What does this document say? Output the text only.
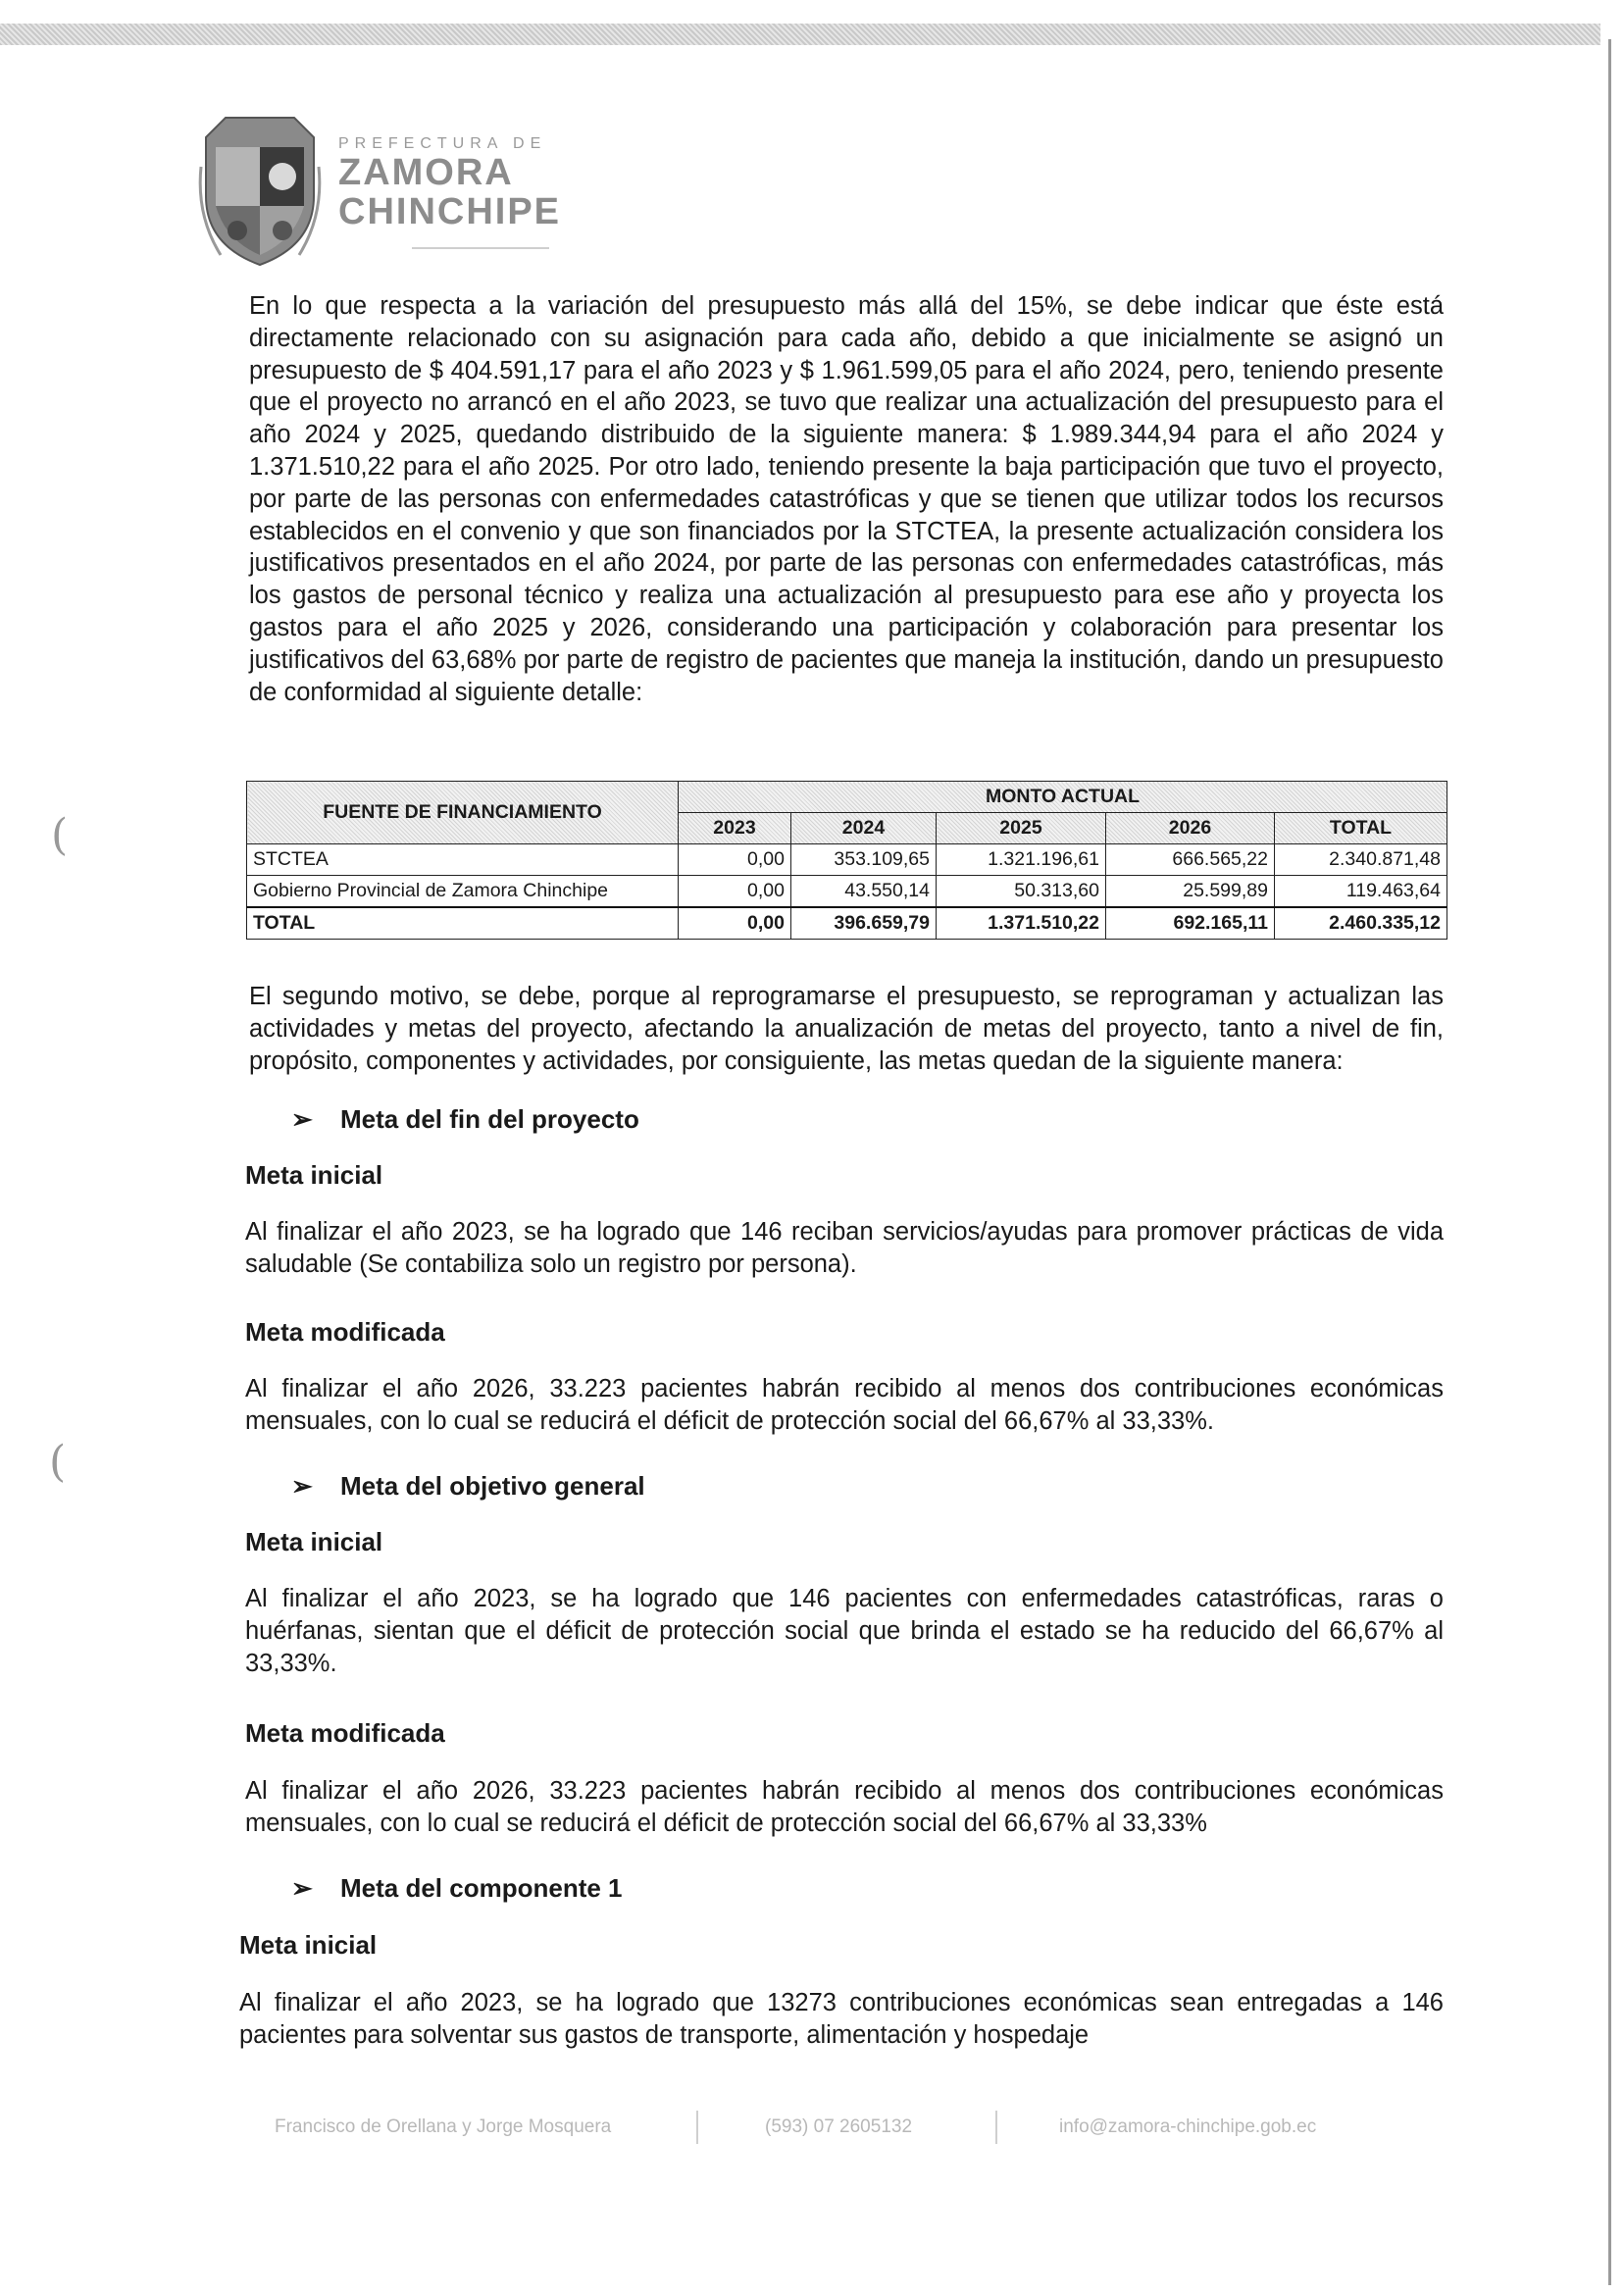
PREFECTURA DE
ZAMORA
CHINCHIPE

En lo que respecta a la variación del presupuesto más allá del 15%, se debe indicar que éste está directamente relacionado con su asignación para cada año, debido a que inicialmente se asignó un presupuesto de $ 404.591,17 para el año 2023 y $ 1.961.599,05 para el año 2024, pero, teniendo presente que el proyecto no arrancó en el año 2023, se tuvo que realizar una actualización del presupuesto para el año 2024 y 2025, quedando distribuido de la siguiente manera: $ 1.989.344,94 para el año 2024 y 1.371.510,22 para el año 2025. Por otro lado, teniendo presente la baja participación que tuvo el proyecto, por parte de las personas con enfermedades catastróficas y que se tienen que utilizar todos los recursos establecidos en el convenio y que son financiados por la STCTEA, la presente actualización considera los justificativos presentados en el año 2024, por parte de las personas con enfermedades catastróficas, más los gastos de personal técnico y realiza una actualización al presupuesto para ese año y proyecta los gastos para el año 2025 y 2026, considerando una participación y colaboración para presentar los justificativos del 63,68% por parte de registro de pacientes que maneja la institución, dando un presupuesto de conformidad al siguiente detalle:

FUENTE DE FINANCIAMIENTO	MONTO ACTUAL				
	2023	2024	2025	2026	TOTAL
STCTEA	0,00	353.109,65	1.321.196,61	666.565,22	2.340.871,48
Gobierno Provincial de Zamora Chinchipe	0,00	43.550,14	50.313,60	25.599,89	119.463,64
TOTAL	0,00	396.659,79	1.371.510,22	692.165,11	2.460.335,12

El segundo motivo, se debe, porque al reprogramarse el presupuesto, se reprograman y actualizan las actividades y metas del proyecto, afectando la anualización de metas del proyecto, tanto a nivel de fin, propósito, componentes y actividades, por consiguiente, las metas quedan de la siguiente manera:

➢ Meta del fin del proyecto

Meta inicial

Al finalizar el año 2023, se ha logrado que 146 reciban servicios/ayudas para promover prácticas de vida saludable (Se contabiliza solo un registro por persona).

Meta modificada

Al finalizar el año 2026, 33.223 pacientes habrán recibido al menos dos contribuciones económicas mensuales, con lo cual se reducirá el déficit de protección social del 66,67% al 33,33%.

➢ Meta del objetivo general

Meta inicial

Al finalizar el año 2023, se ha logrado que 146 pacientes con enfermedades catastróficas, raras o huérfanas, sientan que el déficit de protección social que brinda el estado se ha reducido del 66,67% al 33,33%.

Meta modificada

Al finalizar el año 2026, 33.223 pacientes habrán recibido al menos dos contribuciones económicas mensuales, con lo cual se reducirá el déficit de protección social del 66,67% al 33,33%

➢ Meta del componente 1

Meta inicial

Al finalizar el año 2023, se ha logrado que 13273 contribuciones económicas sean entregadas a 146 pacientes para solventar sus gastos de transporte, alimentación y hospedaje

Francisco de Orellana y Jorge Mosquera	(593) 07 2605132	info@zamora-chinchipe.gob.ec
(
(
